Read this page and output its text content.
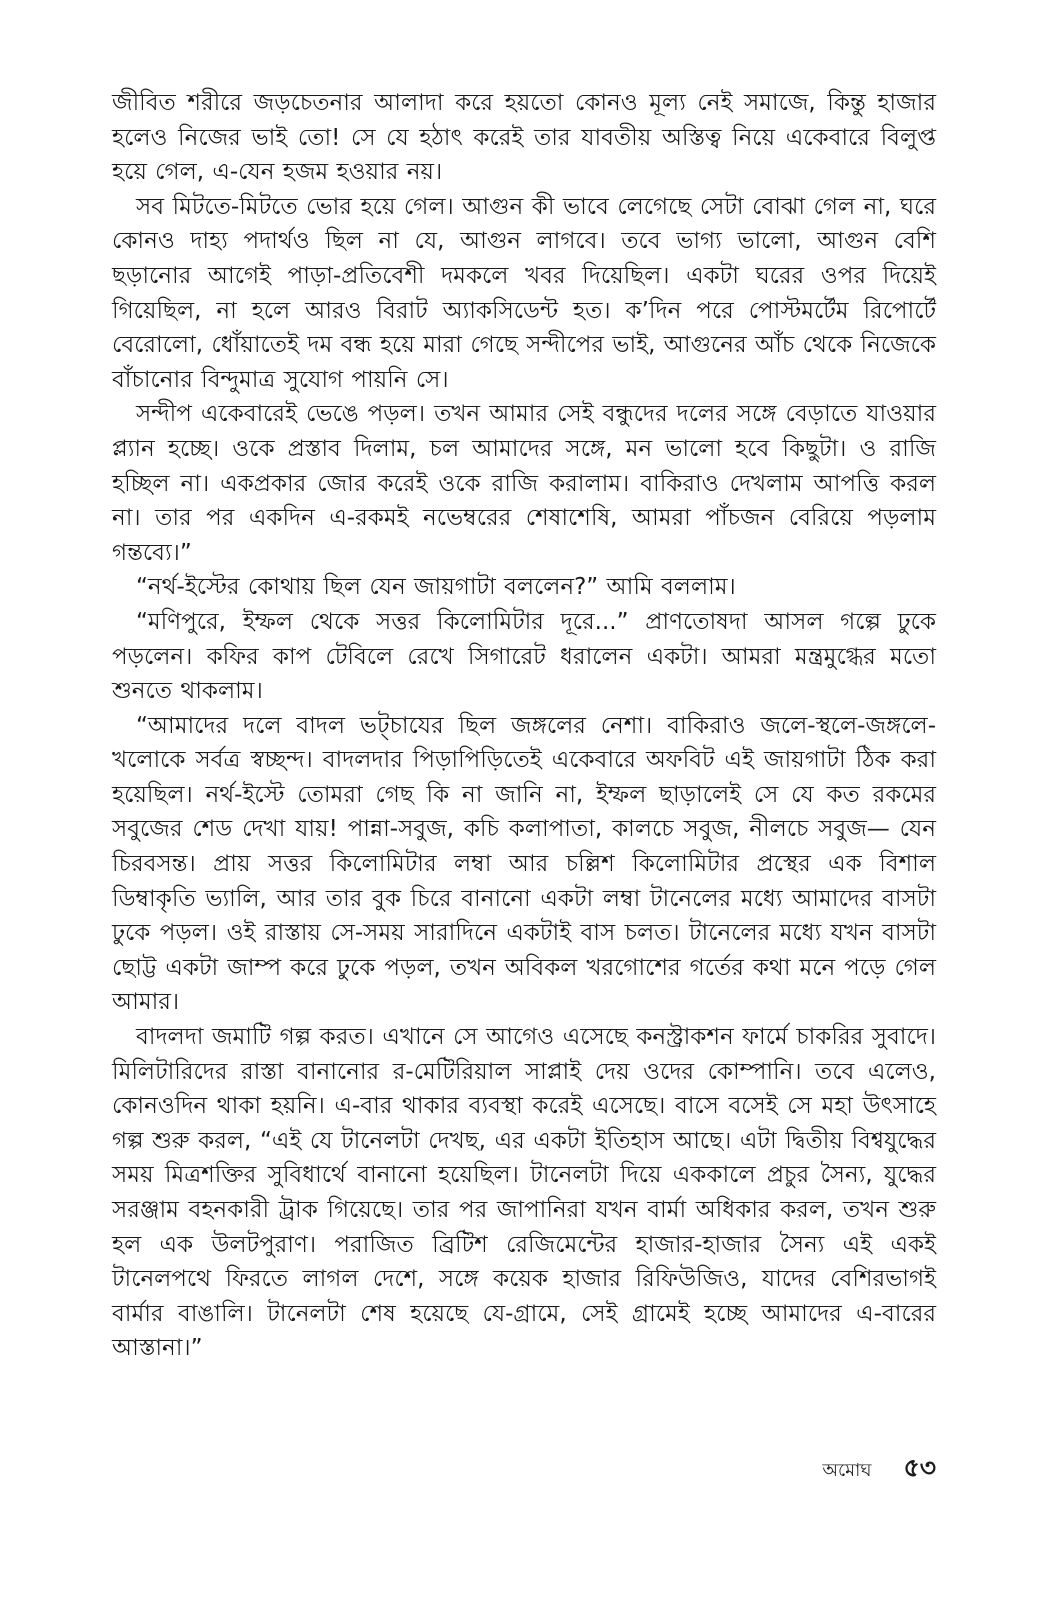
জীবিত শরীরে জড়চেতনার আলাদা করে হয়তো কোনও মূল্য নেই সমাজে, কিন্তু হাজার হলেও নিজের ভাই তো! সে যে হঠাৎ করেই তার যাবতীয় অস্তিত্ব নিয়ে একেবারে বিলুপ্ত হয়ে গেল, এ-যেন হজম হওয়ার নয়।

সব মিটতে-মিটতে ভোর হয়ে গেল। আগুন কী ভাবে লেগেছে সেটা বোঝা গেল না, ঘরে কোনও দাহ্য পদার্থও ছিল না যে, আগুন লাগবে। তবে ভাগ্য ভালো, আগুন বেশি ছড়ানোর আগেই পাড়া-প্রতিবেশী দমকলে খবর দিয়েছিল। একটা ঘরের ওপর দিয়েই গিয়েছিল, না হলে আরও বিরাট অ্যাকসিডেন্ট হত। ক’দিন পরে পোস্টমর্টেম রিপোর্টে বেরোলো, ধোঁয়াতেই দম বন্ধ হয়ে মারা গেছে সন্দীপের ভাই, আগুনের আঁচ থেকে নিজেকে বাঁচানোর বিন্দুমাত্র সুযোগ পায়নি সে।

সন্দীপ একেবারেই ভেঙে পড়ল। তখন আমার সেই বন্ধুদের দলের সঙ্গে বেড়াতে যাওয়ার প্ল্যান হচ্ছে। ওকে প্রস্তাব দিলাম, চল আমাদের সঙ্গে, মন ভালো হবে কিছুটা। ও রাজি হচ্ছিল না। একপ্রকার জোর করেই ওকে রাজি করালাম। বাকিরাও দেখলাম আপত্তি করল না। তার পর একদিন এ-রকমই নভেম্বরের শেষাশেষি, আমরা পাঁচজন বেরিয়ে পড়লাম গন্তব্যে।”

“নর্থ-ইস্টের কোথায় ছিল যেন জায়গাটা বললেন?” আমি বললাম।

“মণিপুরে, ইম্ফল থেকে সত্তর কিলোমিটার দূরে...” প্রাণতোষদা আসল গল্পে ঢুকে পড়লেন। কফির কাপ টেবিলে রেখে সিগারেট ধরালেন একটা। আমরা মন্ত্রমুগ্ধের মতো শুনতে থাকলাম।

“আমাদের দলে বাদল ভট্চাযের ছিল জঙ্গলের নেশা। বাকিরাও জলে-স্থলে-জঙ্গলে-খলোকে সর্বত্র স্বচ্ছন্দ। বাদলদার পিড়াপিড়িতেই একেবারে অফবিট এই জায়গাটা ঠিক করা হয়েছিল। নর্থ-ইস্টে তোমরা গেছ কি না জানি না, ইম্ফল ছাড়ালেই সে যে কত রকমের সবুজের শেড দেখা যায়! পান্না-সবুজ, কচি কলাপাতা, কালচে সবুজ, নীলচে সবুজ— যেন চিরবসন্ত। প্রায় সত্তর কিলোমিটার লম্বা আর চল্লিশ কিলোমিটার প্রস্থের এক বিশাল ডিম্বাকৃতি ভ্যালি, আর তার বুক চিরে বানানো একটা লম্বা টানেলের মধ্যে আমাদের বাসটা ঢুকে পড়ল। ওই রাস্তায় সে-সময় সারাদিনে একটাই বাস চলত। টানেলের মধ্যে যখন বাসটা ছোট্ট একটা জাম্প করে ঢুকে পড়ল, তখন অবিকল খরগোশের গর্তের কথা মনে পড়ে গেল আমার।

বাদলদা জমাটি গল্প করত। এখানে সে আগেও এসেছে কনস্ট্রাকশন ফার্মে চাকরির সুবাদে। মিলিটারিদের রাস্তা বানানোর র-মেটিরিয়াল সাপ্লাই দেয় ওদের কোম্পানি। তবে এলেও, কোনওদিন থাকা হয়নি। এ-বার থাকার ব্যবস্থা করেই এসেছে। বাসে বসেই সে মহা উৎসাহে গল্প শুরু করল, “এই যে টানেলটা দেখছ, এর একটা ইতিহাস আছে। এটা দ্বিতীয় বিশ্বযুদ্ধের সময় মিত্রশক্তির সুবিধার্থে বানানো হয়েছিল। টানেলটা দিয়ে এককালে প্রচুর সৈন্য, যুদ্ধের সরঞ্জাম বহনকারী ট্রাক গিয়েছে। তার পর জাপানিরা যখন বার্মা অধিকার করল, তখন শুরু হল এক উলটপুরাণ। পরাজিত ব্রিটিশ রেজিমেন্টের হাজার-হাজার সৈন্য এই একই টানেলপথে ফিরতে লাগল দেশে, সঙ্গে কয়েক হাজার রিফিউজিও, যাদের বেশিরভাগই বার্মার বাঙালি। টানেলটা শেষ হয়েছে যে-গ্রামে, সেই গ্রামেই হচ্ছে আমাদের এ-বারের আস্তানা।”

অমোঘ ৫৩
